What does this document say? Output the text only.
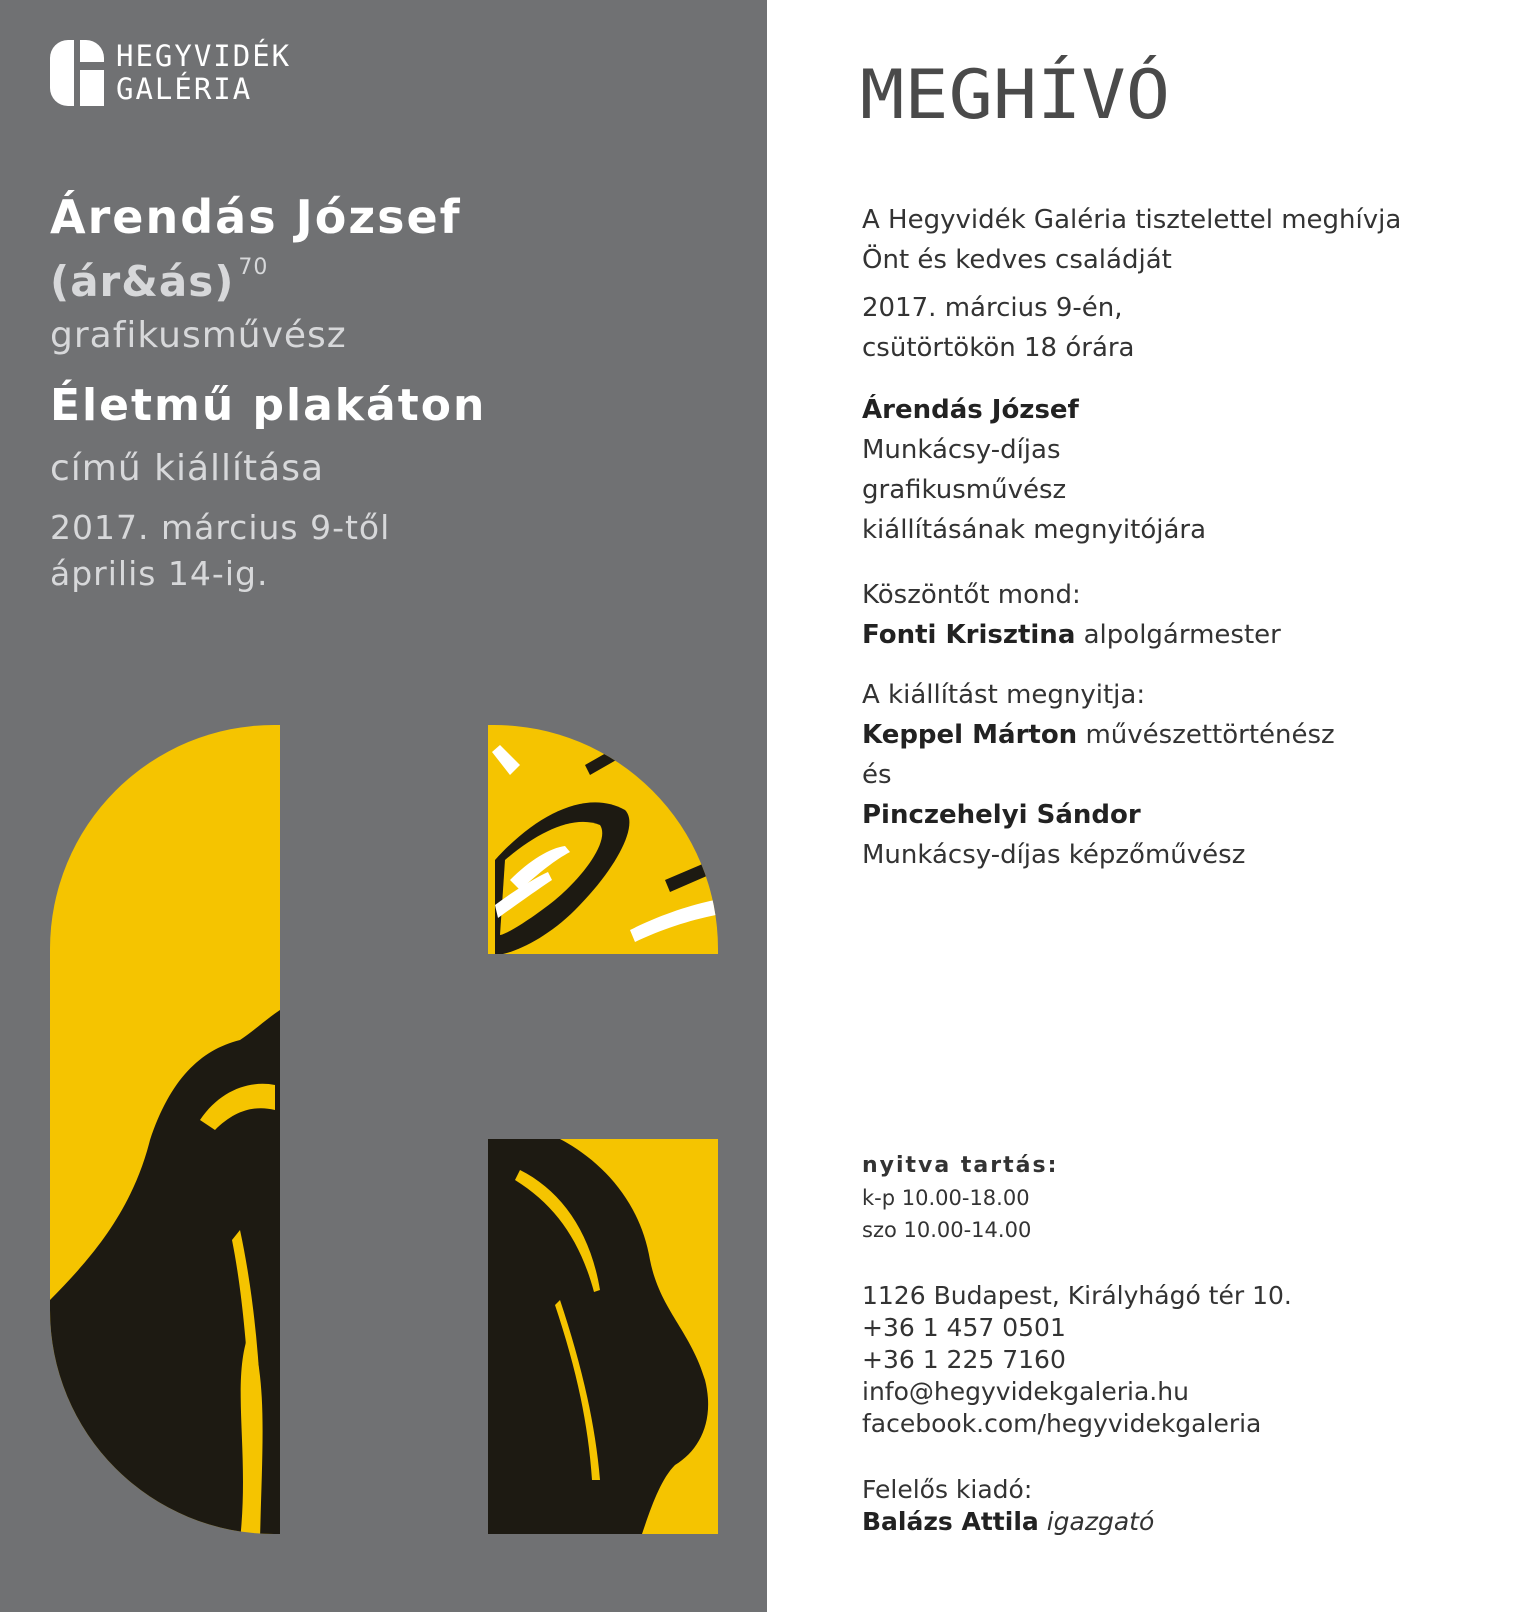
HEGYVIDÉK
GALÉRIA
Árendás József
(ár&ás) $^{70}$
grafikusművész
Életmű plakáton
című kiállítása
2017. március 9-től
április 14-ig.
MEGHÍVÓ
A Hegyvidék Galéria tisztelettel meghívja
Önt és kedves családját
2017. március 9-én,
csütörtökön 18 órára
Árendás József
Munkácsy-díjas
grafikusművész
kiállításának megnyitójára
Köszöntőt mond:
Fonti Krisztina alpolgármester
A kiállítást megnyitja:
Keppel Márton művészettörténész
és
Pinczehelyi Sándor
Munkácsy-díjas képzőművész
nyitva tartás:
k-p 10.00-18.00
szo 10.00-14.00
1126 Budapest, Királyhágó tér 10.
+36 1 457 0501
+36 1 225 7160
info@hegyvidekgaleria.hu
facebook.com/hegyvidekgaleria
Felelős kiadó:
Balázs Attila igazgató
